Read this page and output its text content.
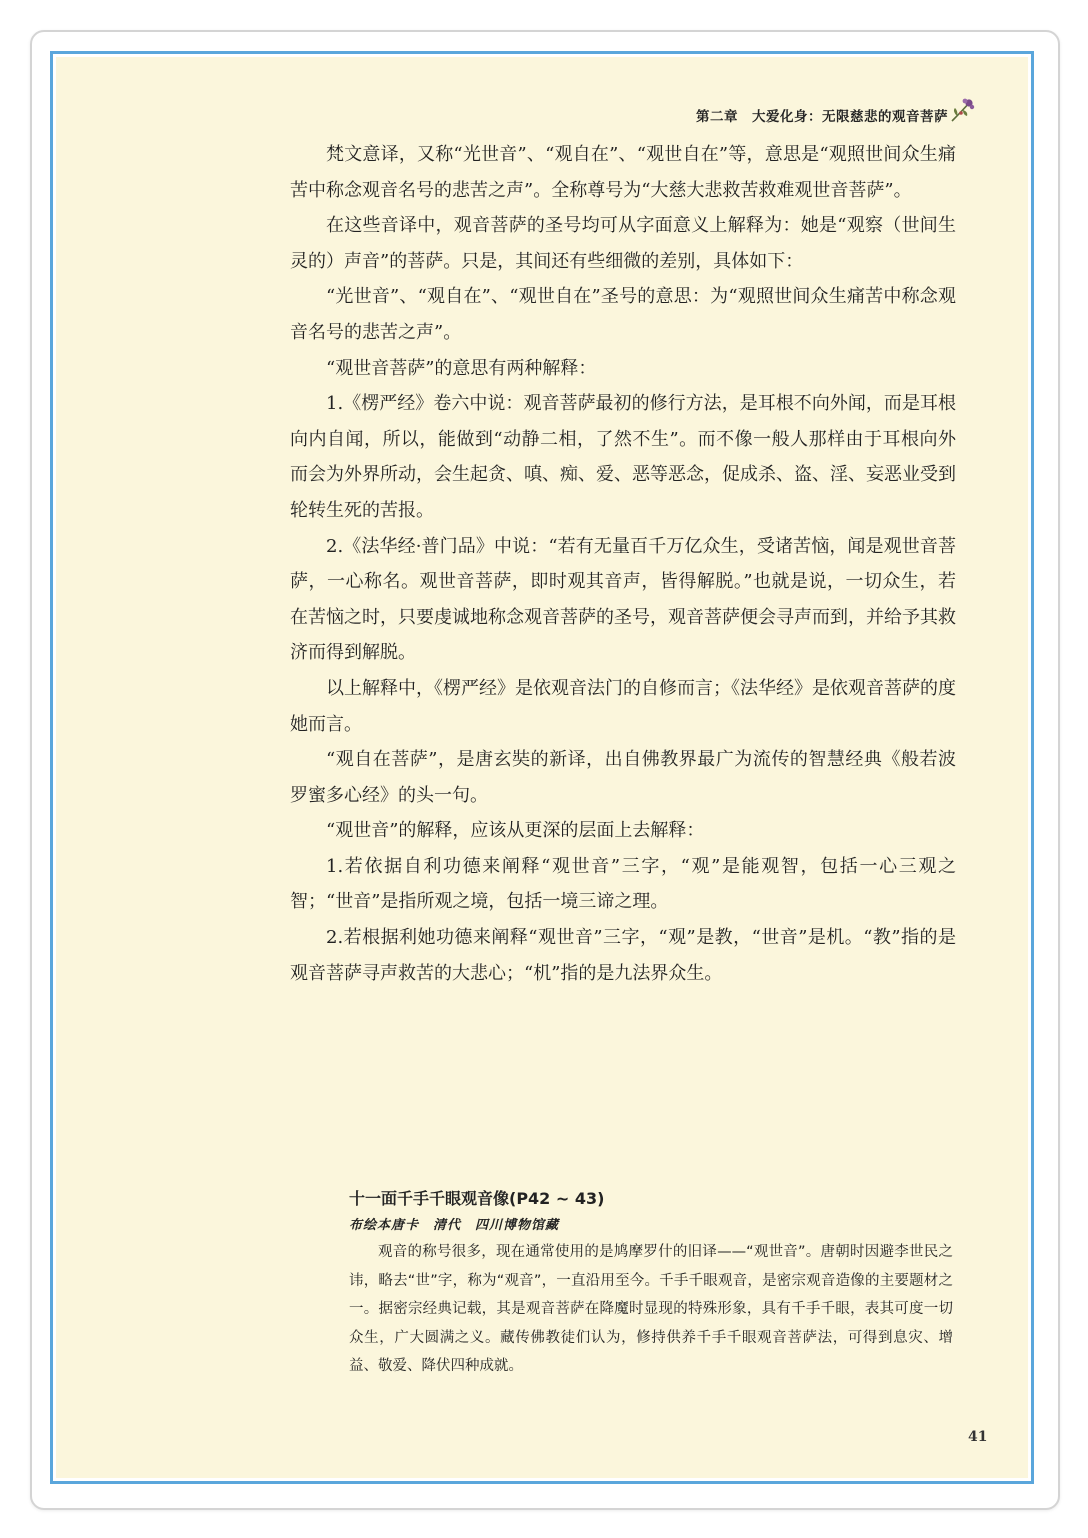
第二章　大爱化身：无限慈悲的观音菩萨

梵文意译，又称“光世音”、“观自在”、“观世自在”等，意思是“观照世间众生痛苦中称念观音名号的悲苦之声”。全称尊号为“大慈大悲救苦救难观世音菩萨”。

在这些音译中，观音菩萨的圣号均可从字面意义上解释为：她是“观察（世间生灵的）声音”的菩萨。只是，其间还有些细微的差别，具体如下：

“光世音”、“观自在”、“观世自在”圣号的意思：为“观照世间众生痛苦中称念观音名号的悲苦之声”。

“观世音菩萨”的意思有两种解释：

1.《楞严经》卷六中说：观音菩萨最初的修行方法，是耳根不向外闻，而是耳根向内自闻，所以，能做到“动静二相，了然不生”。而不像一般人那样由于耳根向外而会为外界所动，会生起贪、嗔、痴、爱、恶等恶念，促成杀、盗、淫、妄恶业受到轮转生死的苦报。

2.《法华经·普门品》中说：“若有无量百千万亿众生，受诸苦恼，闻是观世音菩萨，一心称名。观世音菩萨，即时观其音声，皆得解脱。”也就是说，一切众生，若在苦恼之时，只要虔诚地称念观音菩萨的圣号，观音菩萨便会寻声而到，并给予其救济而得到解脱。

以上解释中，《楞严经》是依观音法门的自修而言；《法华经》是依观音菩萨的度她而言。

“观自在菩萨”，是唐玄奘的新译，出自佛教界最广为流传的智慧经典《般若波罗蜜多心经》的头一句。

“观世音”的解释，应该从更深的层面上去解释：

1.若依据自利功德来阐释“观世音”三字，“观”是能观智，包括一心三观之智；“世音”是指所观之境，包括一境三谛之理。

2.若根据利她功德来阐释“观世音”三字，“观”是教，“世音”是机。“教”指的是观音菩萨寻声救苦的大悲心；“机”指的是九法界众生。

十一面千手千眼观音像(P42 ~ 43)
布绘本唐卡　清代　四川博物馆藏

观音的称号很多，现在通常使用的是鸠摩罗什的旧译——“观世音”。唐朝时因避李世民之讳，略去“世”字，称为“观音”，一直沿用至今。千手千眼观音，是密宗观音造像的主要题材之一。据密宗经典记载，其是观音菩萨在降魔时显现的特殊形象，具有千手千眼，表其可度一切众生，广大圆满之义。藏传佛教徒们认为，修持供养千手千眼观音菩萨法，可得到息灾、增益、敬爱、降伏四种成就。

41
